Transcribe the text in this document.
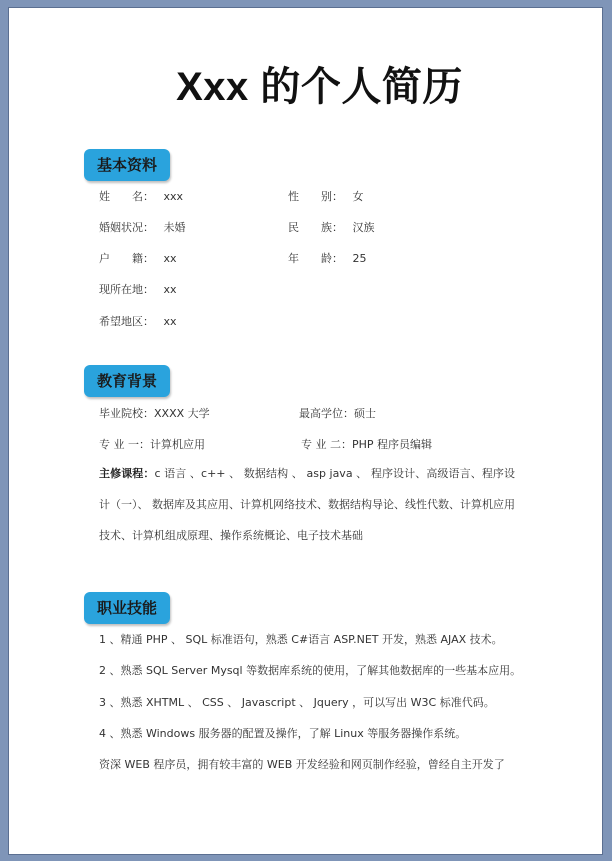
Xxx 的个人简历
基本资料
姓　　名： xxx	性　　别： 女
婚姻状况： 未婚	民　　族： 汉族
户　　籍： xx	年　　龄： 25
现所在地： xx
希望地区： xx
教育背景
毕业院校：XXXX 大学	最高学位：硕士
专 业 一：计算机应用	专 业 二：PHP 程序员编辑
主修课程：c 语言 、c++ 、 数据结构 、 asp java 、 程序设计、高级语言、程序设计（一）、 数据库及其应用、计算机网络技术、数据结构导论、线性代数、计算机应用技术、计算机组成原理、操作系统概论、电子技术基础
职业技能
1 、精通 PHP 、 SQL 标准语句，熟悉 C#语言 ASP.NET 开发，熟悉 AJAX 技术。
2 、熟悉 SQL Server Mysql 等数据库系统的使用，了解其他数据库的一些基本应用。
3 、熟悉 XHTML 、 CSS 、 Javascript 、 Jquery ，可以写出 W3C 标准代码。
4 、熟悉 Windows 服务器的配置及操作，了解 Linux 等服务器操作系统。
资深 WEB 程序员，拥有较丰富的 WEB 开发经验和网页制作经验，曾经自主开发了
